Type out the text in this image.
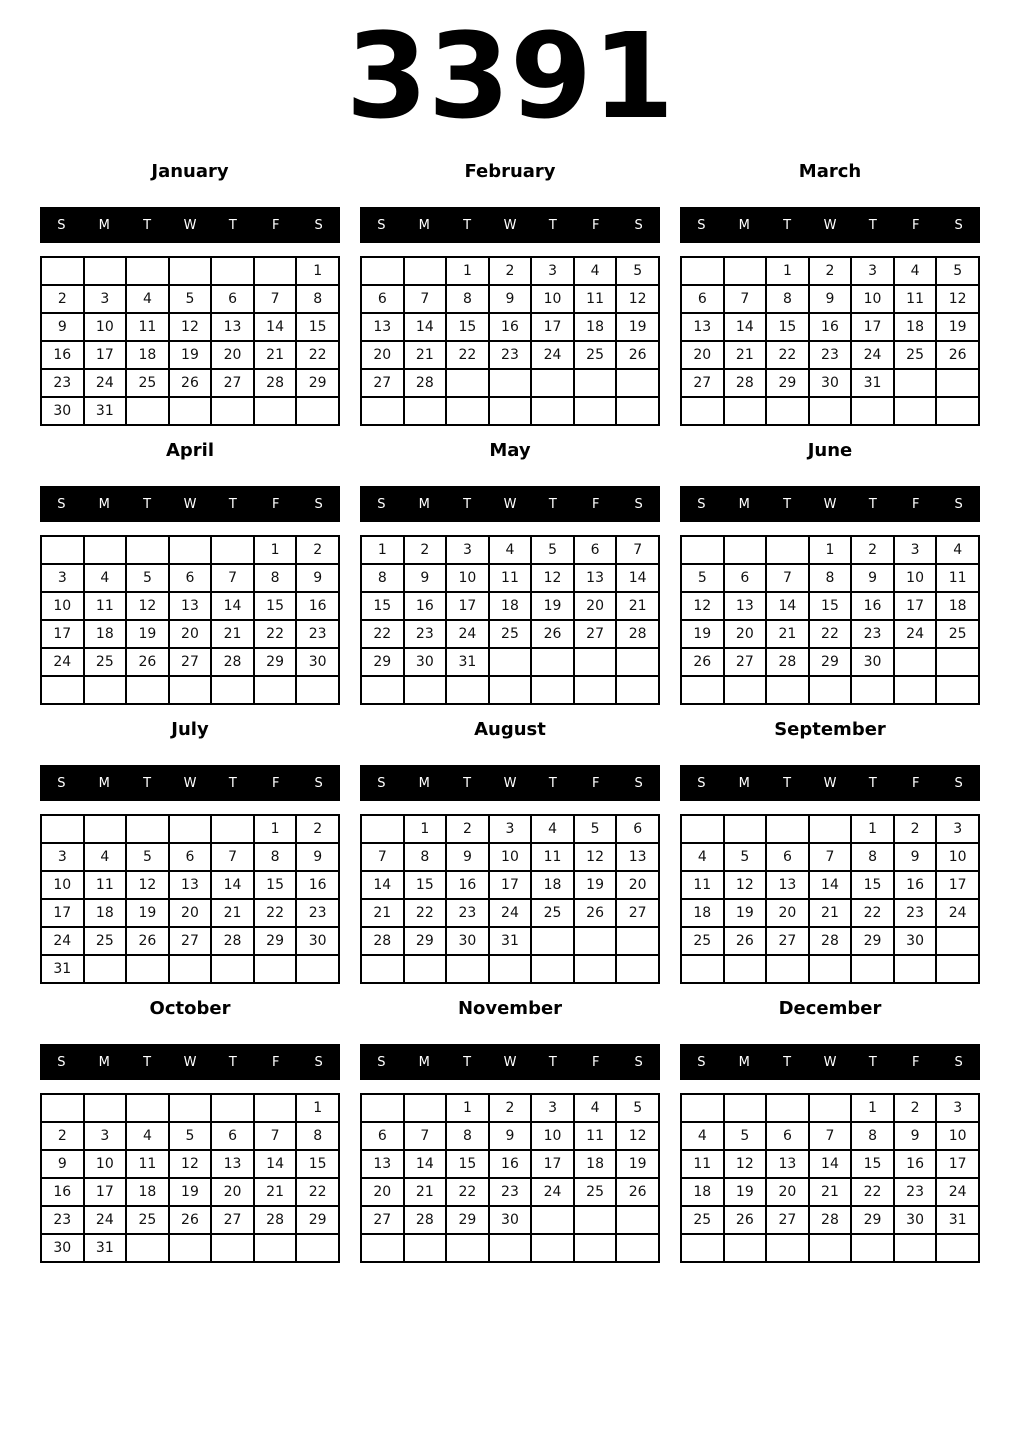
3391
January
S	M	T	W	T	F	S
						1
2	3	4	5	6	7	8
9	10	11	12	13	14	15
16	17	18	19	20	21	22
23	24	25	26	27	28	29
30	31					
February
S	M	T	W	T	F	S
		1	2	3	4	5
6	7	8	9	10	11	12
13	14	15	16	17	18	19
20	21	22	23	24	25	26
27	28					

March
S	M	T	W	T	F	S
		1	2	3	4	5
6	7	8	9	10	11	12
13	14	15	16	17	18	19
20	21	22	23	24	25	26
27	28	29	30	31		

April
S	M	T	W	T	F	S
					1	2
3	4	5	6	7	8	9
10	11	12	13	14	15	16
17	18	19	20	21	22	23
24	25	26	27	28	29	30

May
S	M	T	W	T	F	S
1	2	3	4	5	6	7
8	9	10	11	12	13	14
15	16	17	18	19	20	21
22	23	24	25	26	27	28
29	30	31				

June
S	M	T	W	T	F	S
			1	2	3	4
5	6	7	8	9	10	11
12	13	14	15	16	17	18
19	20	21	22	23	24	25
26	27	28	29	30		

July
S	M	T	W	T	F	S
					1	2
3	4	5	6	7	8	9
10	11	12	13	14	15	16
17	18	19	20	21	22	23
24	25	26	27	28	29	30
31						
August
S	M	T	W	T	F	S
	1	2	3	4	5	6
7	8	9	10	11	12	13
14	15	16	17	18	19	20
21	22	23	24	25	26	27
28	29	30	31			

September
S	M	T	W	T	F	S
				1	2	3
4	5	6	7	8	9	10
11	12	13	14	15	16	17
18	19	20	21	22	23	24
25	26	27	28	29	30	

October
S	M	T	W	T	F	S
						1
2	3	4	5	6	7	8
9	10	11	12	13	14	15
16	17	18	19	20	21	22
23	24	25	26	27	28	29
30	31					
November
S	M	T	W	T	F	S
		1	2	3	4	5
6	7	8	9	10	11	12
13	14	15	16	17	18	19
20	21	22	23	24	25	26
27	28	29	30			

December
S	M	T	W	T	F	S
				1	2	3
4	5	6	7	8	9	10
11	12	13	14	15	16	17
18	19	20	21	22	23	24
25	26	27	28	29	30	31
